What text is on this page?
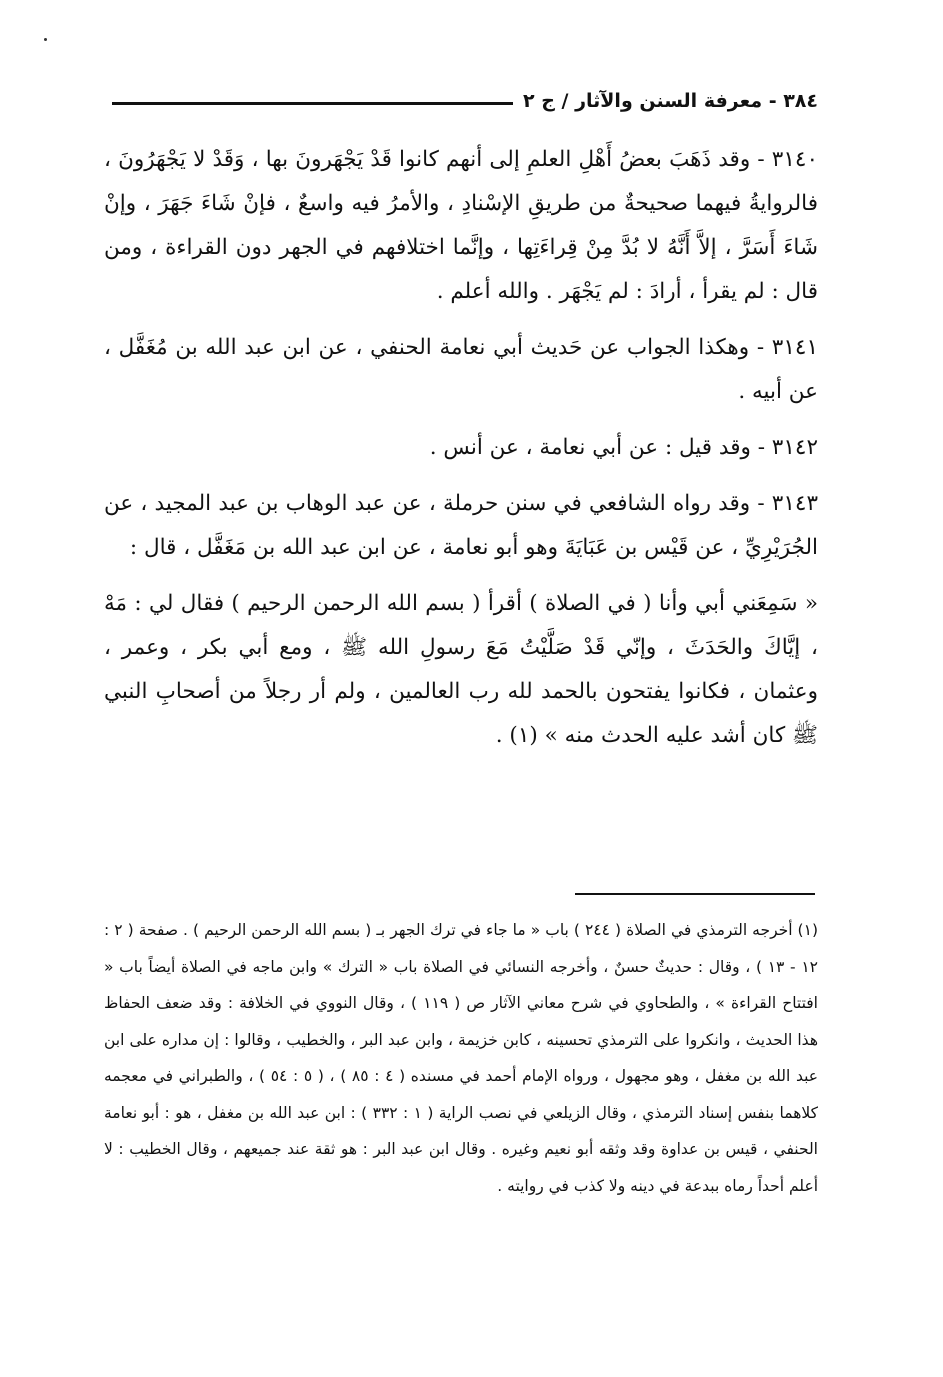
٣٨٤ - معرفة السنن والآثار / ج ٢

٣١٤٠ - وقد ذَهَبَ بعضُ أَهْلِ العلمِ إلى أنهم كانوا قَدْ يَجْهَرونَ بها ، وَقَدْ لا يَجْهَرُونَ ، فالروايةُ فيهما صحيحةٌ من طريقِ الإسْنادِ ، والأمرُ فيه واسعٌ ، فإنْ شَاءَ جَهَرَ ، وإنْ شَاءَ أَسَرَّ ، إلاَّ أَنَّهُ لا بُدَّ مِنْ قِراءَتِها ، وإنَّما اختلافهم في الجهر دون القراءة ، ومن قال : لم يقرأ ، أرادَ : لم يَجْهَر . والله أعلم .

٣١٤١ - وهكذا الجواب عن حَديث أبي نعامة الحنفي ، عن ابن عبد الله بن مُغَفَّل ، عن أبيه .

٣١٤٢ - وقد قيل : عن أبي نعامة ، عن أنس .

٣١٤٣ - وقد رواه الشافعي في سنن حرملة ، عن عبد الوهاب بن عبد المجيد ، عن الجُرَيْرِيِّ ، عن قَيْس بن عَبَايَةَ وهو أبو نعامة ، عن ابن عبد الله بن مَغَفَّل ، قال :

« سَمِعَني أبي وأنا ( في الصلاة ) أقرأ ( بسم الله الرحمن الرحيم ) فقال لي : مَهْ ، إيَّاكَ والحَدَثَ ، وإنّي قَدْ صَلَّيْتُ مَعَ رسولِ الله ﷺ ، ومع أبي بكر ، وعمر ، وعثمان ، فكانوا يفتحون بالحمد لله رب العالمين ، ولم أر رجلاً من أصحابِ النبي ﷺ كان أشد عليه الحدث منه » (١) .

(١) أخرجه الترمذي في الصلاة ( ٢٤٤ ) باب « ما جاء في ترك الجهر بـ ( بسم الله الرحمن الرحيم ) . صفحة ( ٢ : ١٢ - ١٣ ) ، وقال : حديثٌ حسنٌ ، وأخرجه النسائي في الصلاة باب « الترك » وابن ماجه في الصلاة أيضاً باب « افتتاح القراءة » ، والطحاوي في شرح معاني الآثار ص ( ١١٩ ) ، وقال النووي في الخلافة : وقد ضعف الحفاظ هذا الحديث ، وانكروا على الترمذي تحسينه ، كابن خزيمة ، وابن عبد البر ، والخطيب ، وقالوا : إن مداره على ابن عبد الله بن مغفل ، وهو مجهول ، ورواه الإمام أحمد في مسنده ( ٤ : ٨٥ ) ، ( ٥ : ٥٤ ) ، والطبراني في معجمه كلاهما بنفس إسناد الترمذي ، وقال الزيلعي في نصب الراية ( ١ : ٣٣٢ ) : ابن عبد الله بن مغفل ، هو : أبو نعامة الحنفي ، قيس بن عداوة وقد وثقه أبو نعيم وغيره . وقال ابن عبد البر : هو ثقة عند جميعهم ، وقال الخطيب : لا أعلم أحداً رماه ببدعة في دينه ولا كذب في روايته .
